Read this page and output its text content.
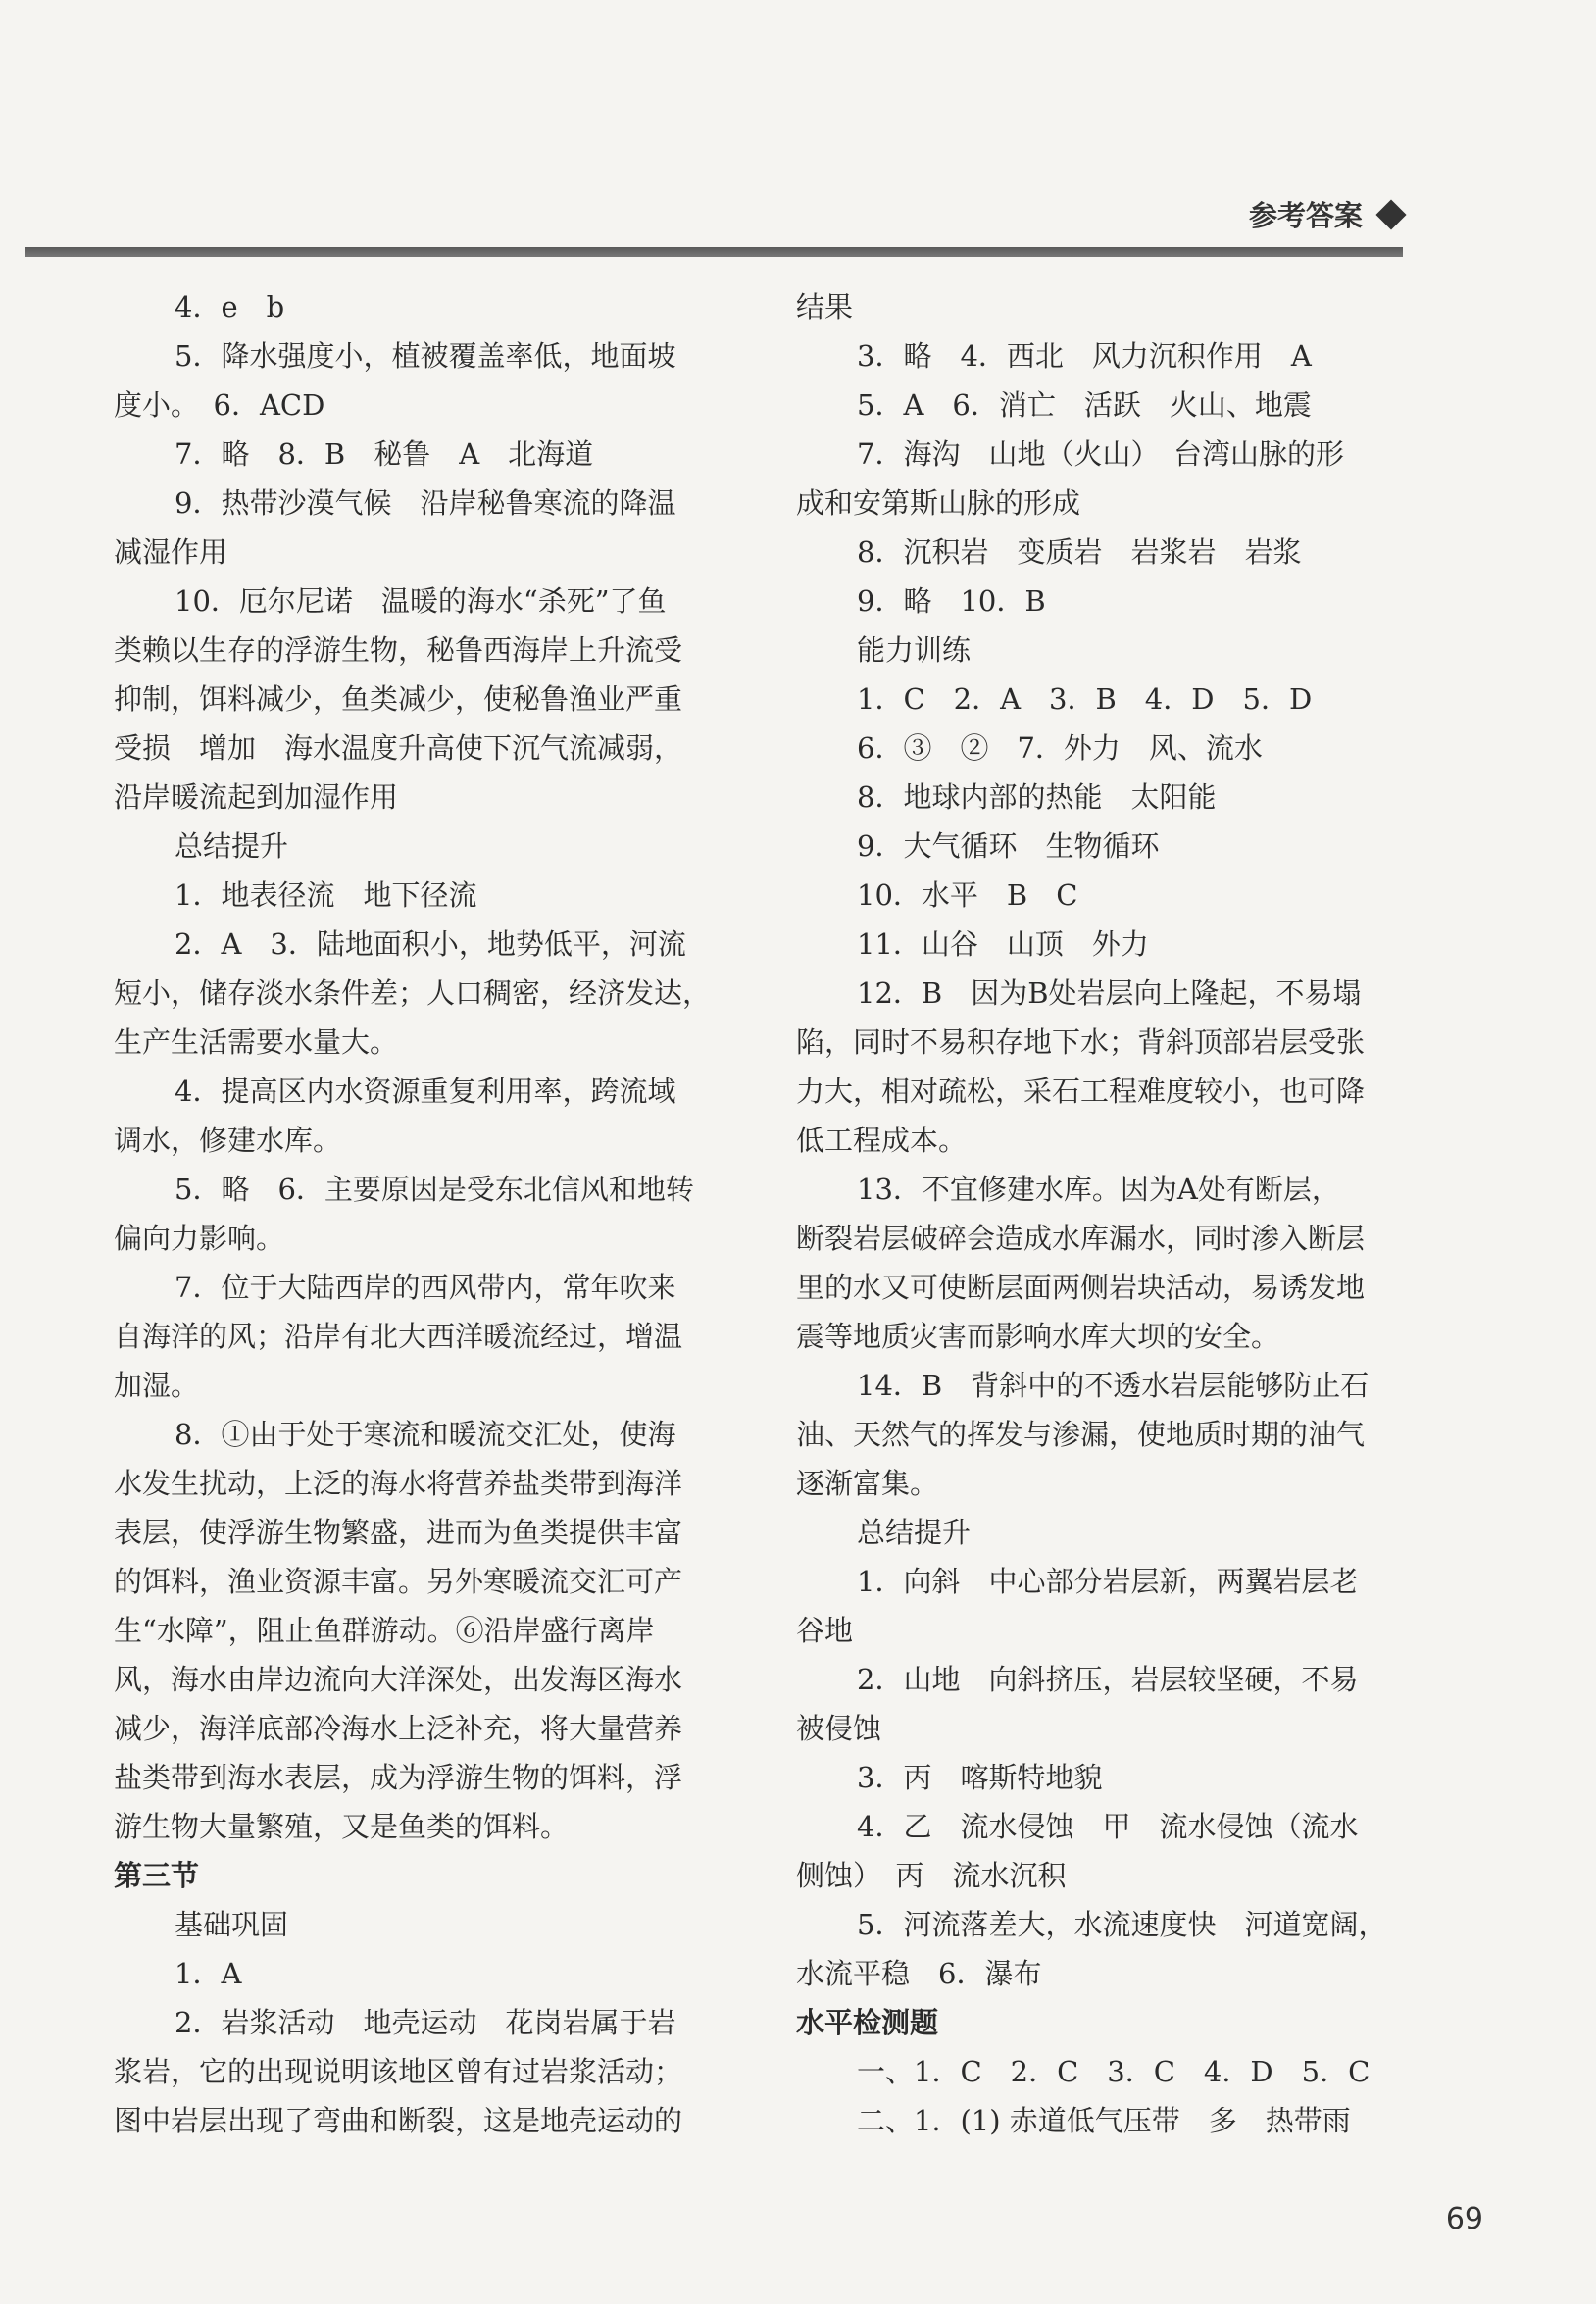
参考答案
4．e　b
5．降水强度小，植被覆盖率低，地面坡
度小。　6．ACD
7．略　8．B　秘鲁　A　北海道
9．热带沙漠气候　沿岸秘鲁寒流的降温
减湿作用
10．厄尔尼诺　温暖的海水“杀死”了鱼
类赖以生存的浮游生物，秘鲁西海岸上升流受
抑制，饵料减少，鱼类减少，使秘鲁渔业严重
受损　增加　海水温度升高使下沉气流减弱，
沿岸暖流起到加湿作用
总结提升
1．地表径流　地下径流
2．A　3．陆地面积小，地势低平，河流
短小，储存淡水条件差；人口稠密，经济发达，
生产生活需要水量大。
4．提高区内水资源重复利用率，跨流域
调水，修建水库。
5．略　6．主要原因是受东北信风和地转
偏向力影响。
7．位于大陆西岸的西风带内，常年吹来
自海洋的风；沿岸有北大西洋暖流经过，增温
加湿。
8．①由于处于寒流和暖流交汇处，使海
水发生扰动，上泛的海水将营养盐类带到海洋
表层，使浮游生物繁盛，进而为鱼类提供丰富
的饵料，渔业资源丰富。另外寒暖流交汇可产
生“水障”，阻止鱼群游动。⑥沿岸盛行离岸
风，海水由岸边流向大洋深处，出发海区海水
减少，海洋底部冷海水上泛补充，将大量营养
盐类带到海水表层，成为浮游生物的饵料，浮
游生物大量繁殖，又是鱼类的饵料。
第三节
基础巩固
1．A
2．岩浆活动　地壳运动　花岗岩属于岩
浆岩，它的出现说明该地区曾有过岩浆活动；
图中岩层出现了弯曲和断裂，这是地壳运动的
结果
3．略　4．西北　风力沉积作用　A
5．A　6．消亡　活跃　火山、地震
7．海沟　山地（火山）　台湾山脉的形
成和安第斯山脉的形成
8．沉积岩　变质岩　岩浆岩　岩浆
9．略　10．B
能力训练
1．C　2．A　3．B　4．D　5．D
6．③　②　7．外力　风、流水
8．地球内部的热能　太阳能
9．大气循环　生物循环
10．水平　B　C
11．山谷　山顶　外力
12．B　因为B处岩层向上隆起，不易塌
陷，同时不易积存地下水；背斜顶部岩层受张
力大，相对疏松，采石工程难度较小，也可降
低工程成本。
13．不宜修建水库。因为A处有断层，
断裂岩层破碎会造成水库漏水，同时渗入断层
里的水又可使断层面两侧岩块活动，易诱发地
震等地质灾害而影响水库大坝的安全。
14．B　背斜中的不透水岩层能够防止石
油、天然气的挥发与渗漏，使地质时期的油气
逐渐富集。
总结提升
1．向斜　中心部分岩层新，两翼岩层老
谷地
2．山地　向斜挤压，岩层较坚硬，不易
被侵蚀
3．丙　喀斯特地貌
4．乙　流水侵蚀　甲　流水侵蚀（流水
侧蚀）　丙　流水沉积
5．河流落差大，水流速度快　河道宽阔，
水流平稳　6．瀑布
水平检测题
一、1．C　2．C　3．C　4．D　5．C
二、1．(1) 赤道低气压带　多　热带雨
69
